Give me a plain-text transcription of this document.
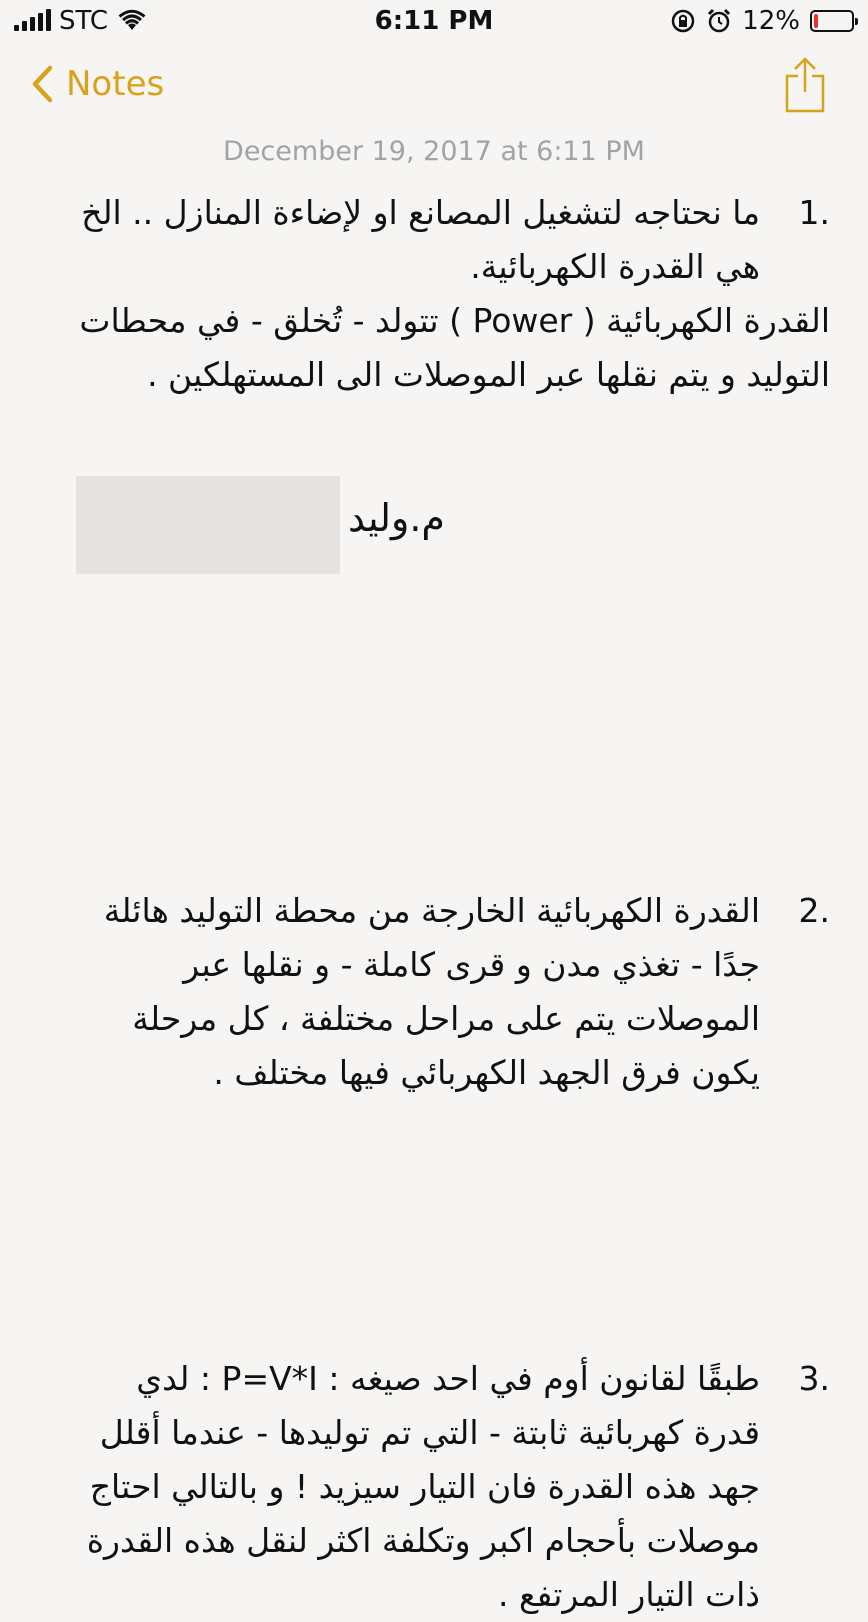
STC	6:11 PM	12%
Notes
December 19, 2017 at 6:11 PM
1.
ما نحتاجه لتشغيل المصانع او لإضاءة المنازل .. الخ هي القدرة الكهربائية.
القدرة الكهربائية ( Power ) تتولد - تُخلق - في محطات التوليد و يتم نقلها عبر الموصلات الى المستهلكين .
م.وليد
2.
القدرة الكهربائية الخارجة من محطة التوليد هائلة جدًا - تغذي مدن و قرى كاملة - و نقلها عبر الموصلات يتم على مراحل مختلفة ، كل مرحلة يكون فرق الجهد الكهربائي فيها مختلف .
3.
طبقًا لقانون أوم في احد صيغه : P=V*I : لدي قدرة كهربائية ثابتة - التي تم توليدها - عندما أقلل جهد هذه القدرة فان التيار سيزيد ! و بالتالي احتاج موصلات بأحجام اكبر وتكلفة اكثر لنقل هذه القدرة ذات التيار المرتفع .
